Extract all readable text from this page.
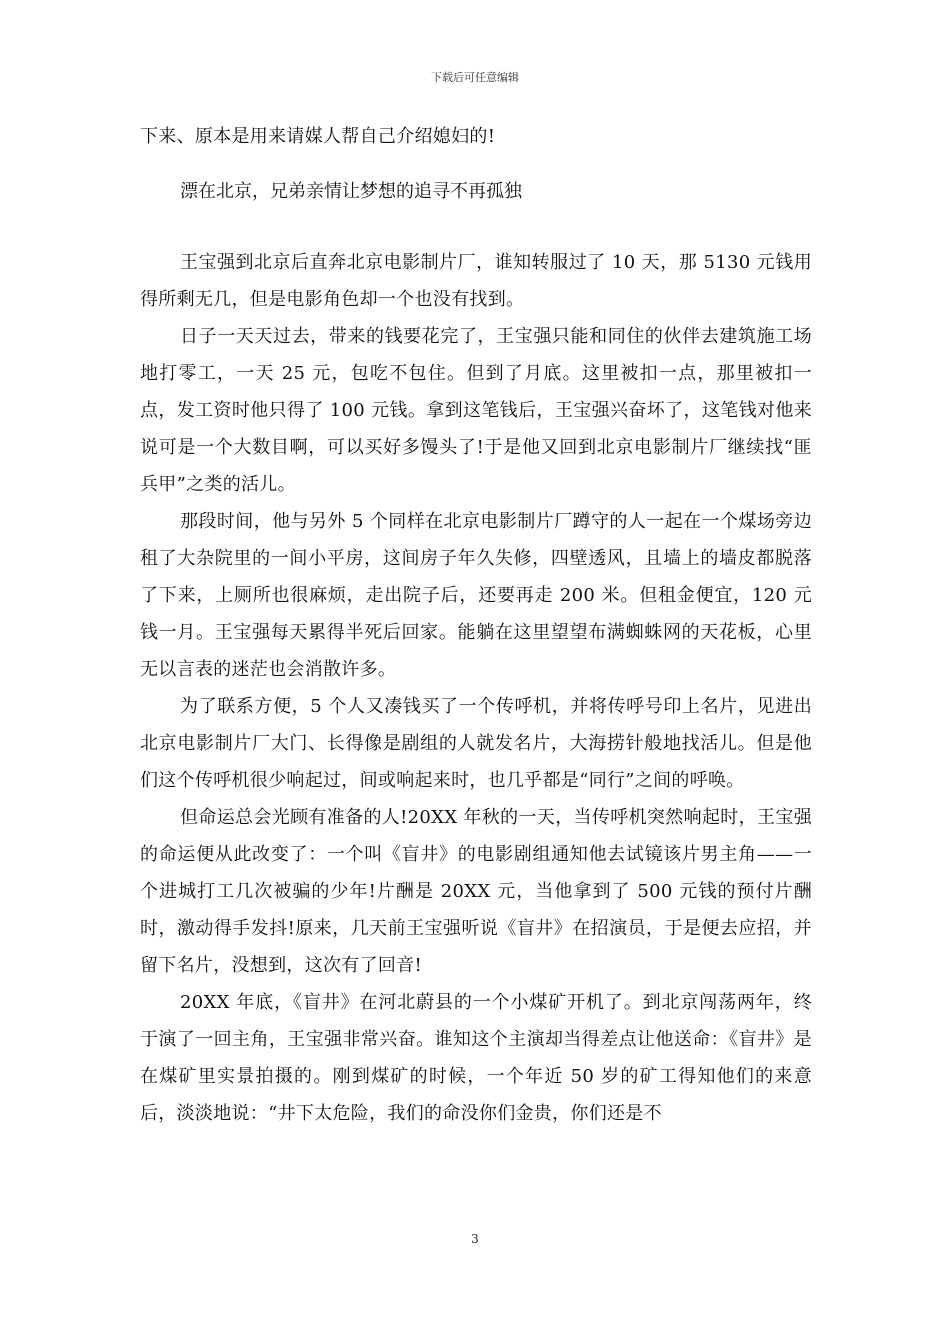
下载后可任意编辑

下来、原本是用来请媒人帮自己介绍媳妇的!

漂在北京，兄弟亲情让梦想的追寻不再孤独

王宝强到北京后直奔北京电影制片厂，谁知转服过了 10 天，那 5130 元钱用得所剩无几，但是电影角色却一个也没有找到。

日子一天天过去，带来的钱要花完了，王宝强只能和同住的伙伴去建筑施工场地打零工，一天 25 元，包吃不包住。但到了月底。这里被扣一点，那里被扣一点，发工资时他只得了 100 元钱。拿到这笔钱后，王宝强兴奋坏了，这笔钱对他来说可是一个大数目啊，可以买好多馒头了!于是他又回到北京电影制片厂继续找“匪兵甲”之类的活儿。

那段时间，他与另外 5 个同样在北京电影制片厂蹲守的人一起在一个煤场旁边租了大杂院里的一间小平房，这间房子年久失修，四壁透风，且墙上的墙皮都脱落了下来，上厕所也很麻烦，走出院子后，还要再走 200 米。但租金便宜，120 元钱一月。王宝强每天累得半死后回家。能躺在这里望望布满蜘蛛网的天花板，心里无以言表的迷茫也会消散许多。

为了联系方便，5 个人又凑钱买了一个传呼机，并将传呼号印上名片，见进出北京电影制片厂大门、长得像是剧组的人就发名片，大海捞针般地找活儿。但是他们这个传呼机很少响起过，间或响起来时，也几乎都是“同行”之间的呼唤。

但命运总会光顾有准备的人!20XX 年秋的一天，当传呼机突然响起时，王宝强的命运便从此改变了：一个叫《盲井》的电影剧组通知他去试镜该片男主角——一个进城打工几次被骗的少年!片酬是 20XX 元，当他拿到了 500 元钱的预付片酬时，激动得手发抖!原来，几天前王宝强听说《盲井》在招演员，于是便去应招，并留下名片，没想到，这次有了回音!

20XX 年底，《盲井》在河北蔚县的一个小煤矿开机了。到北京闯荡两年，终于演了一回主角，王宝强非常兴奋。谁知这个主演却当得差点让他送命：《盲井》是在煤矿里实景拍摄的。刚到煤矿的时候，一个年近 50 岁的矿工得知他们的来意后，淡淡地说：“井下太危险，我们的命没你们金贵，你们还是不

3
